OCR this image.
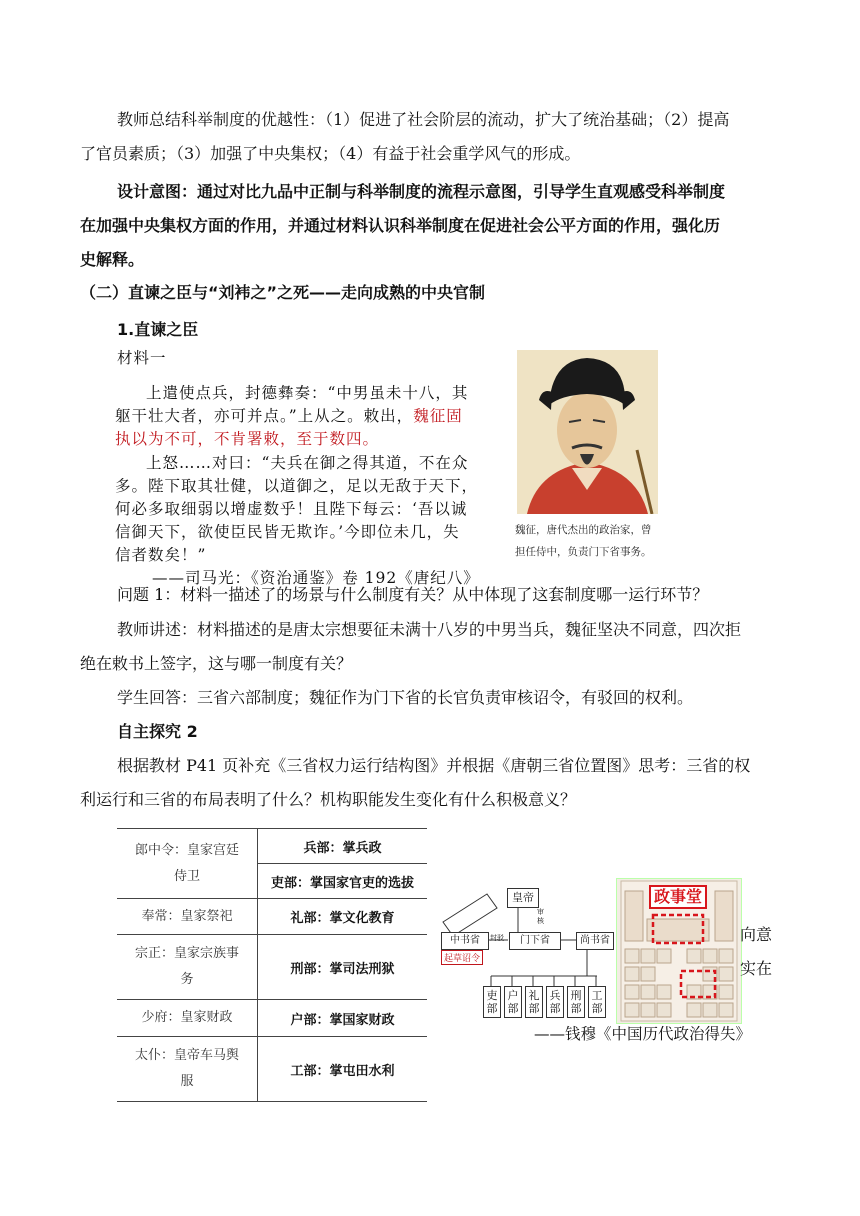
教师总结科举制度的优越性：（1）促进了社会阶层的流动，扩大了统治基础；（2）提高
了官员素质；（3）加强了中央集权；（4）有益于社会重学风气的形成。
设计意图：通过对比九品中正制与科举制度的流程示意图，引导学生直观感受科举制度
在加强中央集权方面的作用，并通过材料认识科举制度在促进社会公平方面的作用，强化历
史解释。
（二）直谏之臣与“刘袆之”之死——走向成熟的中央官制
1.直谏之臣
材料一
上遣使点兵，封德彝奏：“中男虽未十八，其
躯干壮大者，亦可并点。”上从之。敕出，魏征固
执以为不可，不肯署敕，至于数四。
上怒……对曰：“夫兵在御之得其道，不在众
多。陛下取其壮健，以道御之，足以无敌于天下，
何必多取细弱以增虚数乎！且陛下每云：‘吾以诚
信御天下，欲使臣民皆无欺诈。’今即位未几，失
信者数矣！”
——司马光：《资治通鉴》卷 192《唐纪八》
魏征，唐代杰出的政治家，曾
担任侍中，负责门下省事务。
问题 1：材料一描述了的场景与什么制度有关？从中体现了这套制度哪一运行环节？
教师讲述：材料描述的是唐太宗想要征未满十八岁的中男当兵，魏征坚决不同意，四次拒
绝在敕书上签字，这与哪一制度有关？
学生回答：三省六部制度；魏征作为门下省的长官负责审核诏令，有驳回的权利。
自主探究 2
根据教材 P41 页补充《三省权力运行结构图》并根据《唐朝三省位置图》思考：三省的权
利运行和三省的布局表明了什么？机构职能发生变化有什么积极意义？
郎中令：皇家宫廷
侍卫	兵部：掌兵政
	吏部：掌国家官吏的选拔
奉常：皇家祭祀	礼部：掌文化教育

宗正：皇家宗族事
务	刑部：掌司法刑狱
少府：皇家财政	户部：掌国家财政

太仆：皇帝车马舆
服	工部：掌屯田水利
皇帝
审核
中书省	封驳	门下省	尚书省
起草诏令
吏部
户部
礼部
兵部
刑部
工部
政事堂
向意
实在
——钱穆《中国历代政治得失》
